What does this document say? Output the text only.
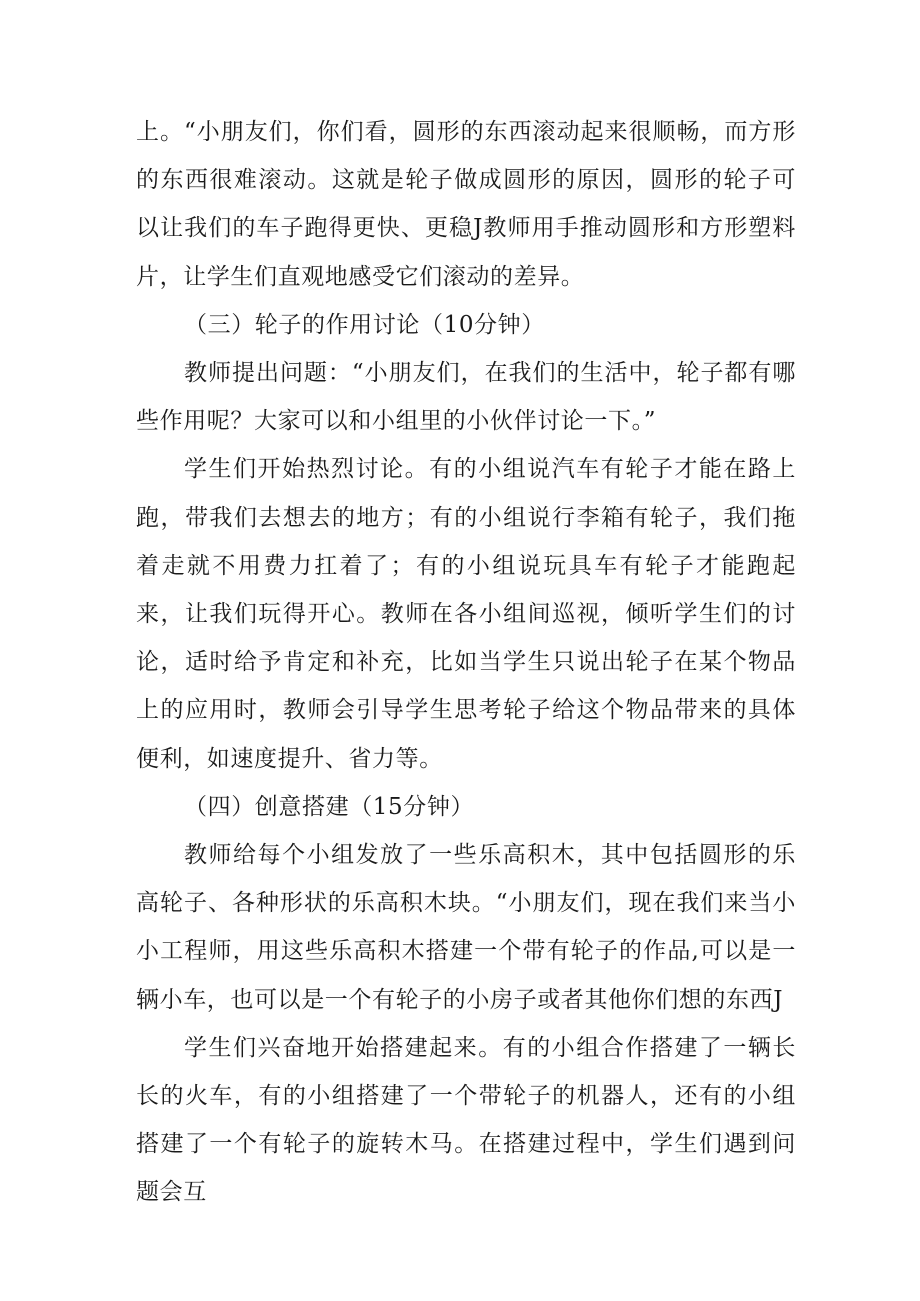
上。“小朋友们，你们看，圆形的东西滚动起来很顺畅，而方形的东西很难滚动。这就是轮子做成圆形的原因，圆形的轮子可以让我们的车子跑得更快、更稳J教师用手推动圆形和方形塑料片，让学生们直观地感受它们滚动的差异。

（三）轮子的作用讨论（10分钟）

教师提出问题：“小朋友们，在我们的生活中，轮子都有哪些作用呢？大家可以和小组里的小伙伴讨论一下。”

学生们开始热烈讨论。有的小组说汽车有轮子才能在路上跑，带我们去想去的地方；有的小组说行李箱有轮子，我们拖着走就不用费力扛着了；有的小组说玩具车有轮子才能跑起来，让我们玩得开心。教师在各小组间巡视，倾听学生们的讨论，适时给予肯定和补充，比如当学生只说出轮子在某个物品上的应用时，教师会引导学生思考轮子给这个物品带来的具体便利，如速度提升、省力等。

（四）创意搭建（15分钟）

教师给每个小组发放了一些乐高积木，其中包括圆形的乐高轮子、各种形状的乐高积木块。“小朋友们，现在我们来当小小工程师，用这些乐高积木搭建一个带有轮子的作品,可以是一辆小车，也可以是一个有轮子的小房子或者其他你们想的东西J

学生们兴奋地开始搭建起来。有的小组合作搭建了一辆长长的火车，有的小组搭建了一个带轮子的机器人，还有的小组搭建了一个有轮子的旋转木马。在搭建过程中，学生们遇到问题会互
